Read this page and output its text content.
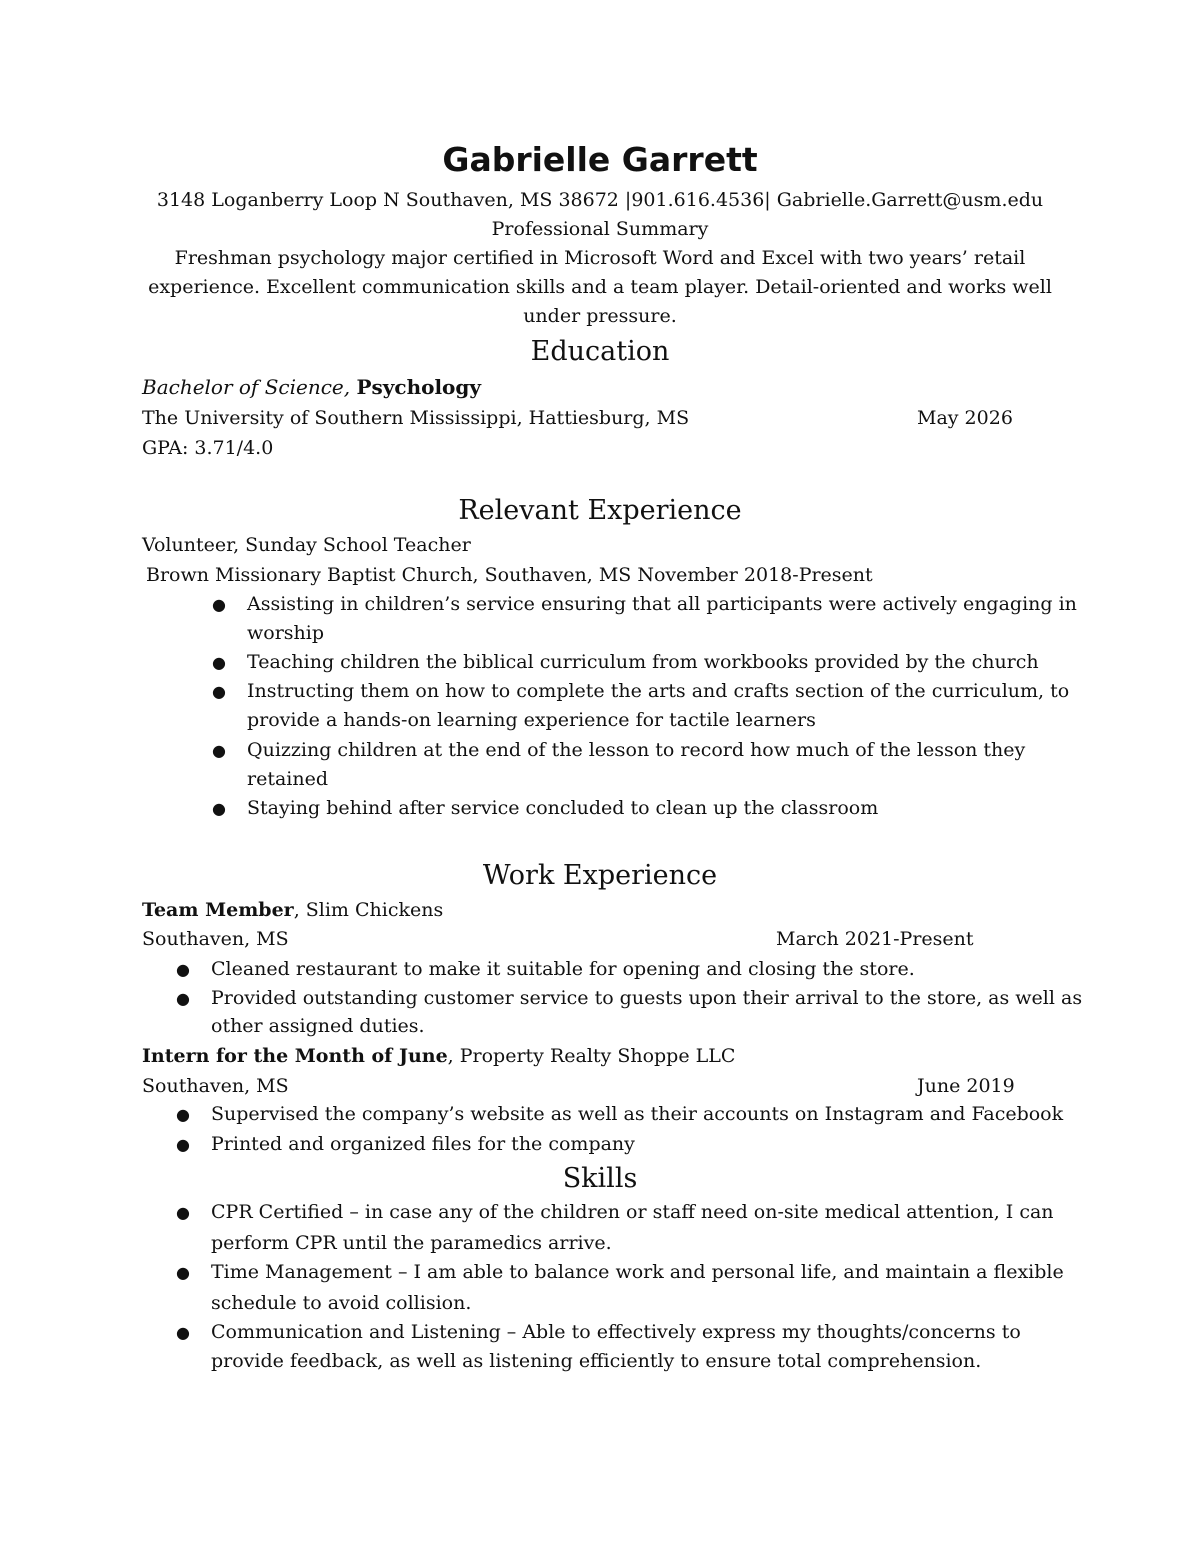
Gabrielle Garrett
3148 Loganberry Loop N Southaven, MS 38672 |901.616.4536| Gabrielle.Garrett@usm.edu
Professional Summary
Freshman psychology major certified in Microsoft Word and Excel with two years’ retail
experience. Excellent communication skills and a team player. Detail-oriented and works well
under pressure.
Education
Bachelor of Science, Psychology
The University of Southern Mississippi, Hattiesburg, MS	May 2026
GPA: 3.71/4.0
Relevant Experience
Volunteer, Sunday School Teacher
Brown Missionary Baptist Church, Southaven, MS November 2018-Present
● Assisting in children’s service ensuring that all participants were actively engaging in
worship
● Teaching children the biblical curriculum from workbooks provided by the church
● Instructing them on how to complete the arts and crafts section of the curriculum, to
provide a hands-on learning experience for tactile learners
● Quizzing children at the end of the lesson to record how much of the lesson they
retained
● Staying behind after service concluded to clean up the classroom
Work Experience
Team Member, Slim Chickens
Southaven, MS	March 2021-Present
● Cleaned restaurant to make it suitable for opening and closing the store.
● Provided outstanding customer service to guests upon their arrival to the store, as well as
other assigned duties.
Intern for the Month of June, Property Realty Shoppe LLC
Southaven, MS	June 2019
● Supervised the company’s website as well as their accounts on Instagram and Facebook
● Printed and organized files for the company
Skills
● CPR Certified – in case any of the children or staff need on-site medical attention, I can
perform CPR until the paramedics arrive.
● Time Management – I am able to balance work and personal life, and maintain a flexible
schedule to avoid collision.
● Communication and Listening – Able to effectively express my thoughts/concerns to
provide feedback, as well as listening efficiently to ensure total comprehension.
